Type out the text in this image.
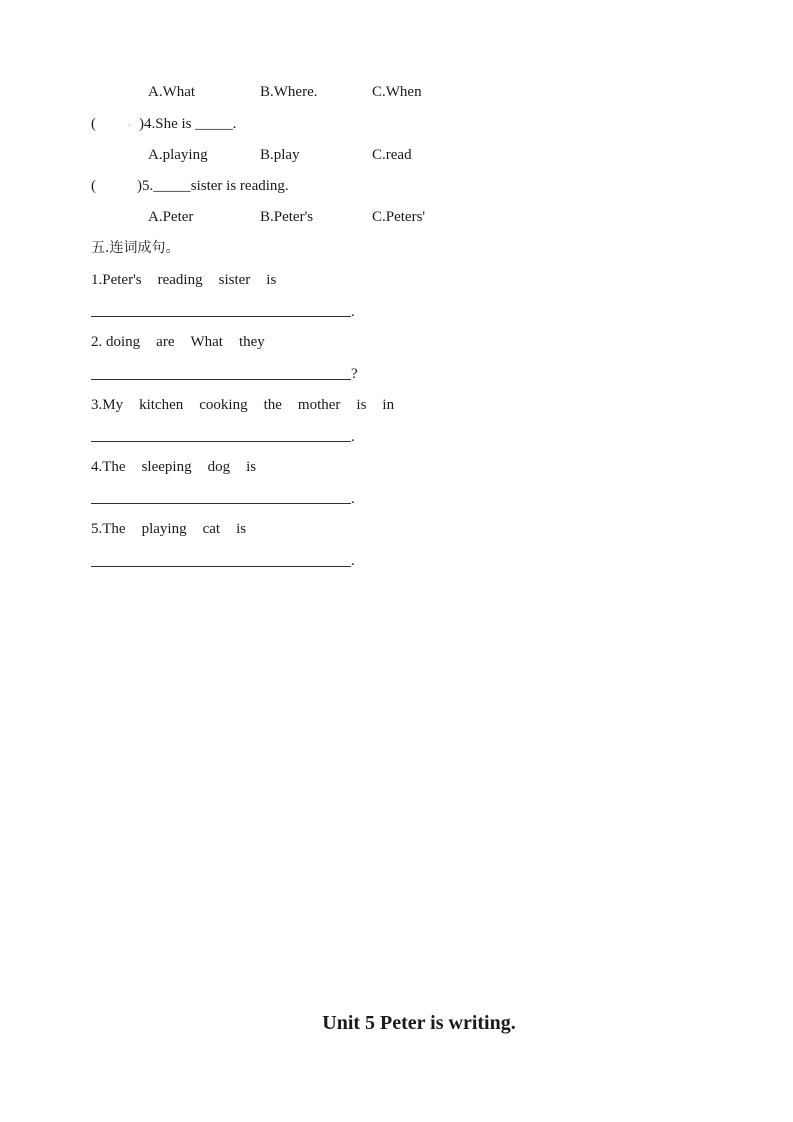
A.What	B.Where.	C.When
(	. )4.She is _____.
A.playing	B.play	C.read
(	)5._____sister is reading.
A.Peter	B.Peter's	C.Peters'
五.连词成句。
1.Peter's reading sister is
.
2. doing are What they
?
3.My kitchen cooking the mother is in
.
4.The sleeping dog is
.
5.The playing cat is
.
Unit 5 Peter is writing.
